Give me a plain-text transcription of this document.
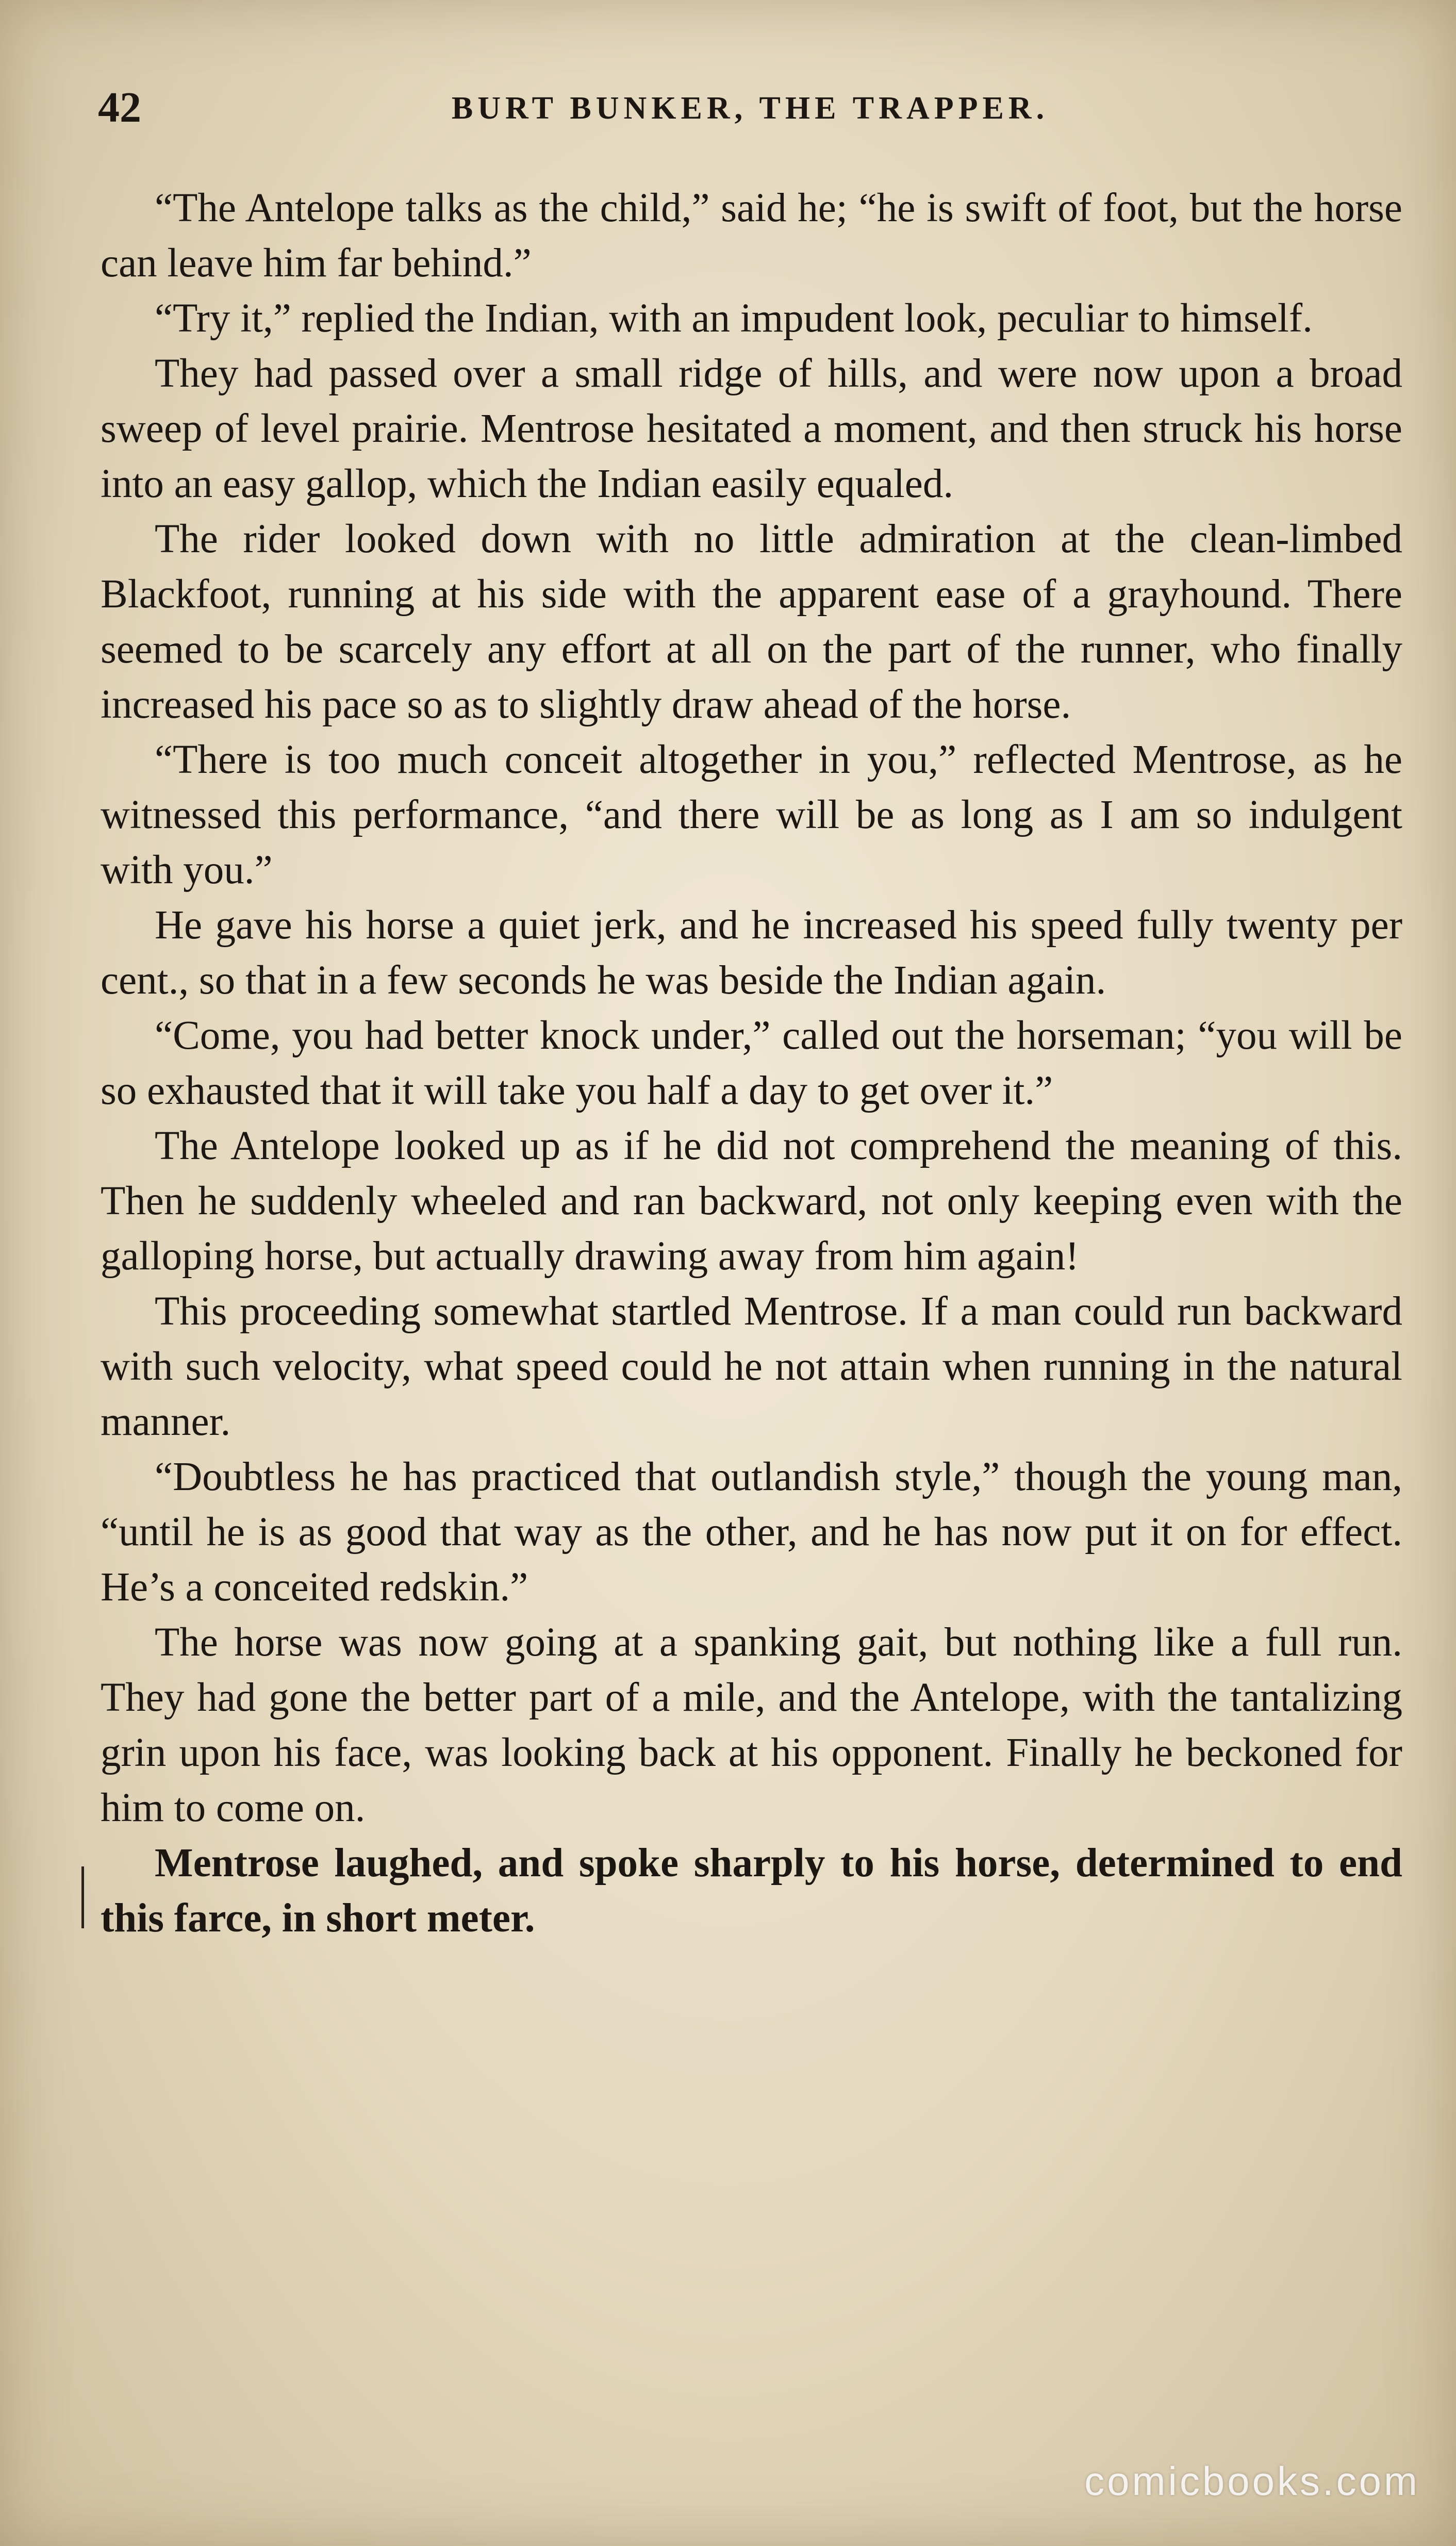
42	BURT BUNKER, THE TRAPPER.

“The Antelope talks as the child,” said he; “he is swift of foot, but the horse can leave him far behind.”

“Try it,” replied the Indian, with an impudent look, peculiar to himself.

They had passed over a small ridge of hills, and were now upon a broad sweep of level prairie. Mentrose hesitated a moment, and then struck his horse into an easy gallop, which the Indian easily equaled.

The rider looked down with no little admiration at the clean-limbed Blackfoot, running at his side with the apparent ease of a grayhound. There seemed to be scarcely any effort at all on the part of the runner, who finally increased his pace so as to slightly draw ahead of the horse.

“There is too much conceit altogether in you,” reflected Mentrose, as he witnessed this performance, “and there will be as long as I am so indulgent with you.”

He gave his horse a quiet jerk, and he increased his speed fully twenty per cent., so that in a few seconds he was beside the Indian again.

“Come, you had better knock under,” called out the horseman; “you will be so exhausted that it will take you half a day to get over it.”

The Antelope looked up as if he did not comprehend the meaning of this. Then he suddenly wheeled and ran backward, not only keeping even with the galloping horse, but actually drawing away from him again!

This proceeding somewhat startled Mentrose. If a man could run backward with such velocity, what speed could he not attain when running in the natural manner.

“Doubtless he has practiced that outlandish style,” though the young man, “until he is as good that way as the other, and he has now put it on for effect. He’s a conceited redskin.”

The horse was now going at a spanking gait, but nothing like a full run. They had gone the better part of a mile, and the Antelope, with the tantalizing grin upon his face, was looking back at his opponent. Finally he beckoned for him to come on.

Mentrose laughed, and spoke sharply to his horse, determined to end this farce, in short meter.

comicbooks.com
